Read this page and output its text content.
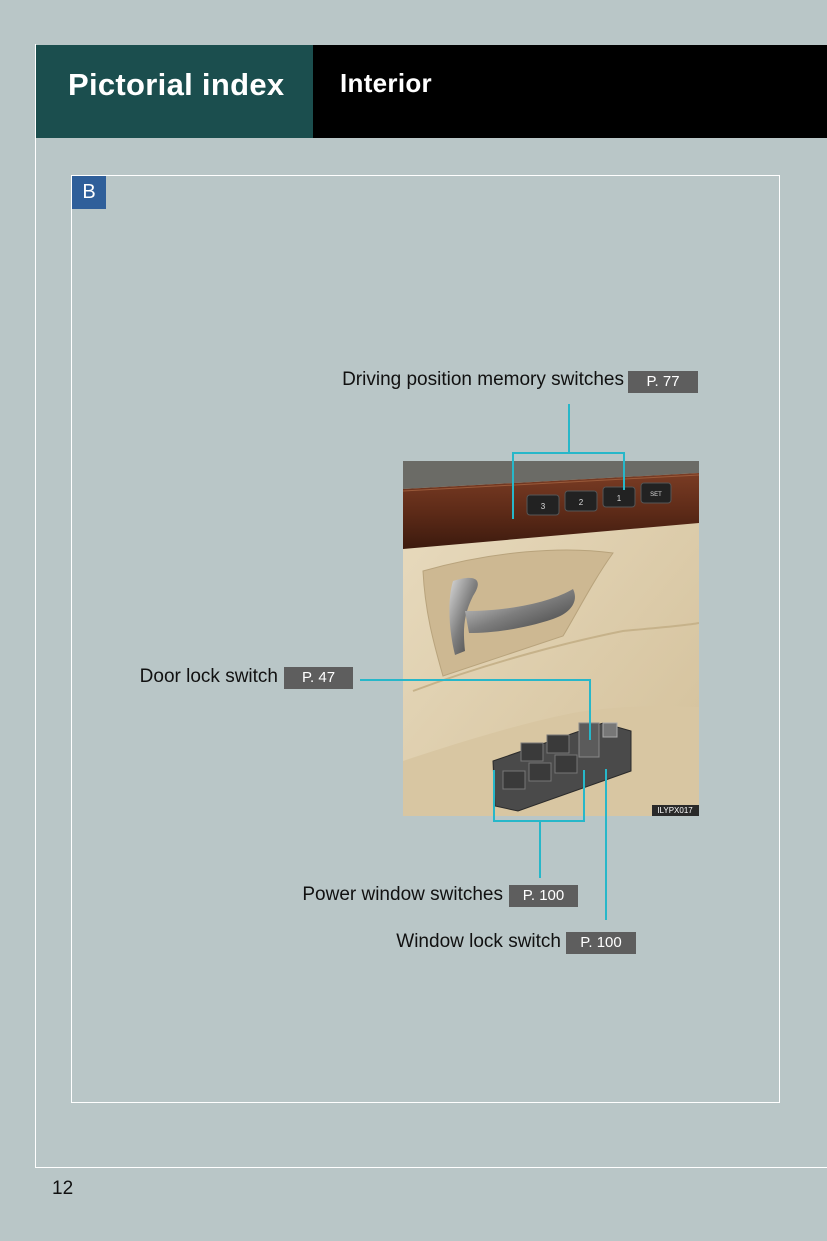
Pictorial index Interior
B
Driving position memory switches	P. 77
Door lock switch	P. 47
3	2	1	SET
ILYPX017
Power window switches	P. 100
Window lock switch	P. 100
12
